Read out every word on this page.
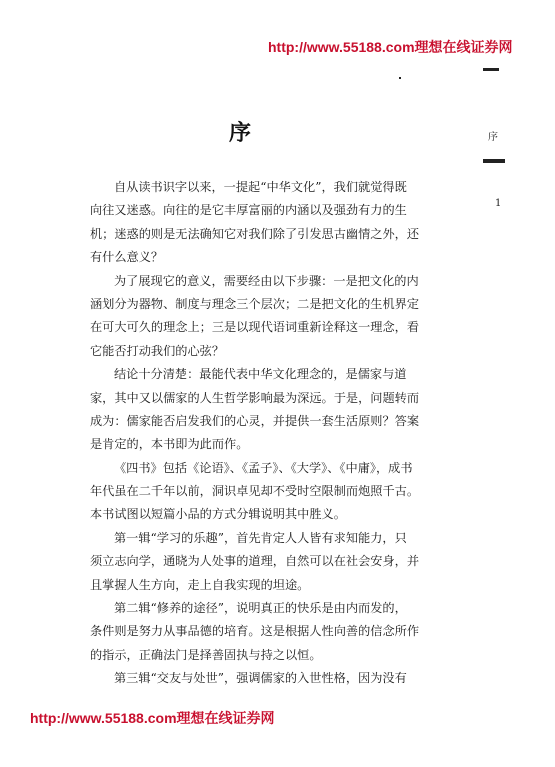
http://www.55188.com理想在线证券网
序
1
序
自从读书识字以来，一提起“中华文化”，我们就觉得既
向往又迷惑。向往的是它丰厚富丽的内涵以及强劲有力的生
机；迷惑的则是无法确知它对我们除了引发思古幽情之外，还
有什么意义？
为了展现它的意义，需要经由以下步骤：一是把文化的内
涵划分为器物、制度与理念三个层次；二是把文化的生机界定
在可大可久的理念上；三是以现代语词重新诠释这一理念，看
它能否打动我们的心弦？
结论十分清楚：最能代表中华文化理念的，是儒家与道
家，其中又以儒家的人生哲学影响最为深远。于是，问题转而
成为：儒家能否启发我们的心灵，并提供一套生活原则？答案
是肯定的，本书即为此而作。
《四书》包括《论语》、《孟子》、《大学》、《中庸》，成书
年代虽在二千年以前，洞识卓见却不受时空限制而炮照千古。
本书试图以短篇小品的方式分辑说明其中胜义。
第一辑“学习的乐趣”，首先肯定人人皆有求知能力，只
须立志向学，通晓为人处事的道理，自然可以在社会安身，并
且掌握人生方向，走上自我实现的坦途。
第二辑“修养的途径”，说明真正的快乐是由内而发的，
条件则是努力从事品德的培育。这是根据人性向善的信念所作
的指示，正确法门是择善固执与持之以恒。
第三辑“交友与处世”，强调儒家的入世性格，因为没有
http://www.55188.com理想在线证券网
